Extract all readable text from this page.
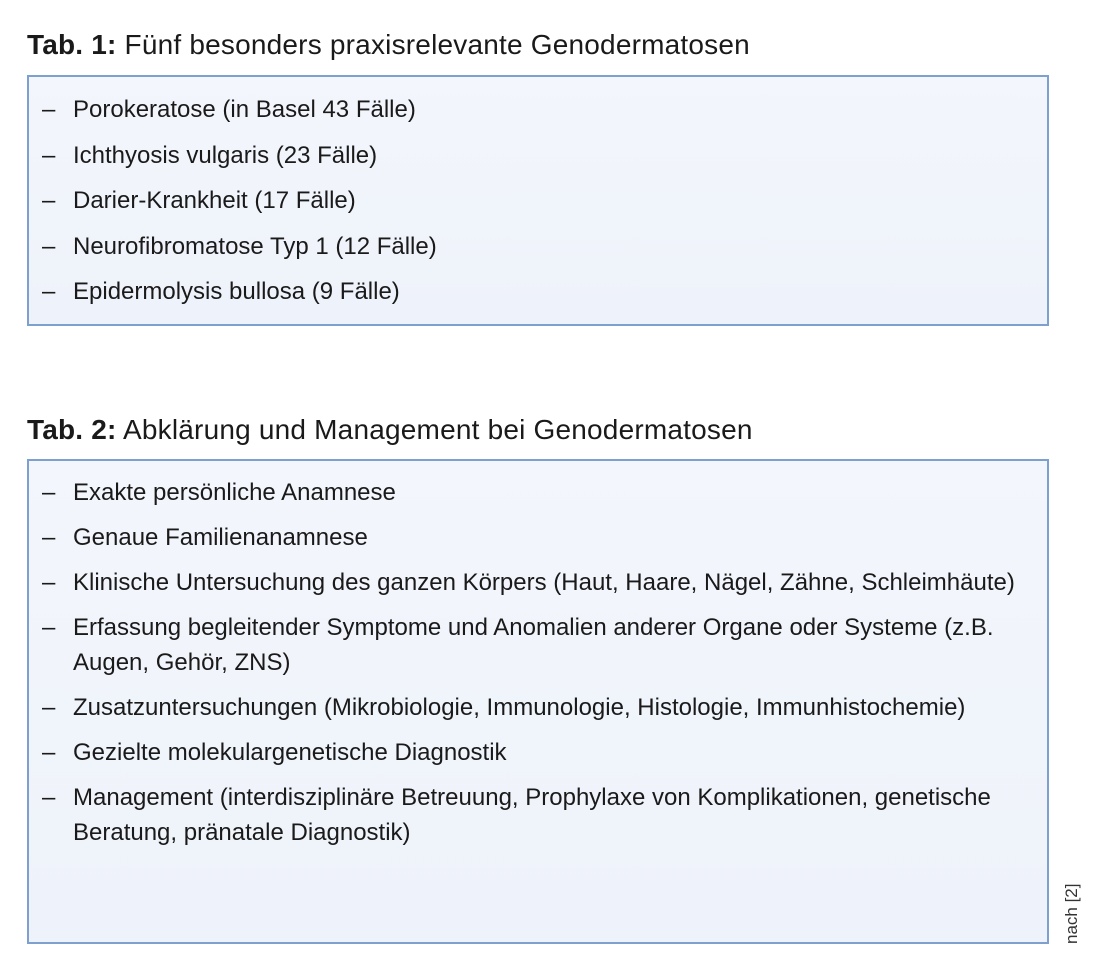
Tab. 1: Fünf besonders praxisrelevante Genodermatosen
– Porokeratose (in Basel 43 Fälle)
– Ichthyosis vulgaris (23 Fälle)
– Darier-Krankheit (17 Fälle)
– Neurofibromatose Typ 1 (12 Fälle)
– Epidermolysis bullosa (9 Fälle)
Tab. 2: Abklärung und Management bei Genodermatosen
– Exakte persönliche Anamnese
– Genaue Familienanamnese
– Klinische Untersuchung des ganzen Körpers (Haut, Haare, Nägel, Zähne, Schleimhäute)
– Erfassung begleitender Symptome und Anomalien anderer Organe oder Systeme (z.B. Augen, Gehör, ZNS)
– Zusatzuntersuchungen (Mikrobiologie, Immunologie, Histologie, Immunhistochemie)
– Gezielte molekulargenetische Diagnostik
– Management (interdisziplinäre Betreuung, Prophylaxe von Komplikationen, genetische Beratung, pränatale Diagnostik)
nach [2]
